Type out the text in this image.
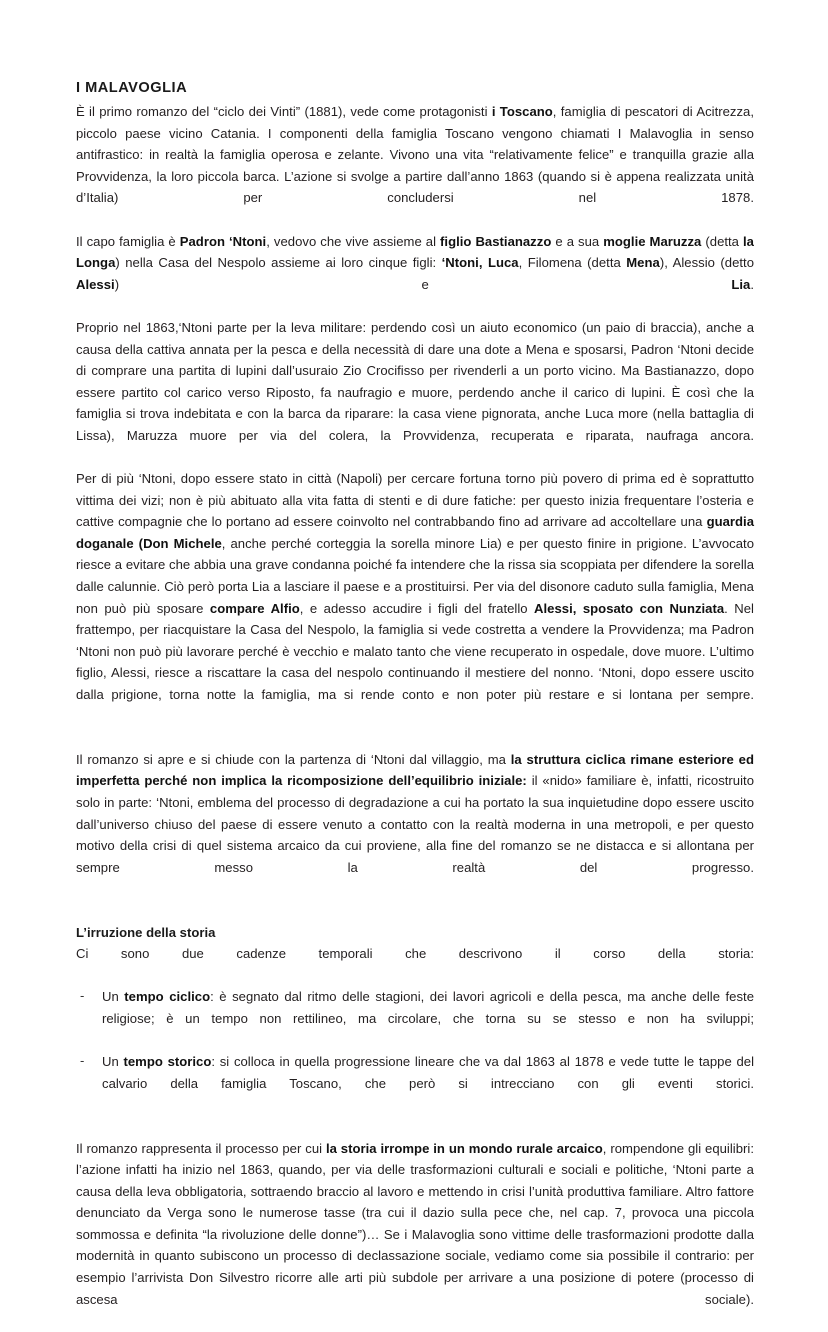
I MALAVOGLIA

È il primo romanzo del “ciclo dei Vinti” (1881), vede come protagonisti i Toscano, famiglia di pescatori di Acitrezza, piccolo paese vicino Catania. I componenti della famiglia Toscano vengono chiamati I Malavoglia in senso antifrastico: in realtà la famiglia operosa e zelante. Vivono una vita “relativamente felice” e tranquilla grazie alla Provvidenza, la loro piccola barca. L’azione si svolge a partire dall’anno 1863 (quando si è appena realizzata unità d’Italia) per concludersi nel 1878.

Il capo famiglia è Padron ‘Ntoni, vedovo che vive assieme al figlio Bastianazzo e a sua moglie Maruzza (detta la Longa) nella Casa del Nespolo assieme ai loro cinque figli: ‘Ntoni, Luca, Filomena (detta Mena), Alessio (detto Alessi) e Lia.

Proprio nel 1863,‘Ntoni parte per la leva militare: perdendo così un aiuto economico (un paio di braccia), anche a causa della cattiva annata per la pesca e della necessità di dare una dote a Mena e sposarsi, Padron ‘Ntoni decide di comprare una partita di lupini dall’usuraio Zio Crocifisso per rivenderli a un porto vicino. Ma Bastianazzo, dopo essere partito col carico verso Riposto, fa naufragio e muore, perdendo anche il carico di lupini. È così che la famiglia si trova indebitata e con la barca da riparare: la casa viene pignorata, anche Luca more (nella battaglia di Lissa), Maruzza muore per via del colera, la Provvidenza, recuperata e riparata, naufraga ancora.

Per di più ‘Ntoni, dopo essere stato in città (Napoli) per cercare fortuna torno più povero di prima ed è soprattutto vittima dei vizi; non è più abituato alla vita fatta di stenti e di dure fatiche: per questo inizia frequentare l’osteria e cattive compagnie che lo portano ad essere coinvolto nel contrabbando fino ad arrivare ad accoltellare una guardia doganale (Don Michele, anche perché corteggia la sorella minore Lia) e per questo finire in prigione. L’avvocato riesce a evitare che abbia una grave condanna poiché fa intendere che la rissa sia scoppiata per difendere la sorella dalle calunnie. Ciò però porta Lia a lasciare il paese e a prostituirsi. Per via del disonore caduto sulla famiglia, Mena non può più sposare compare Alfio, e adesso accudire i figli del fratello Alessi, sposato con Nunziata. Nel frattempo, per riacquistare la Casa del Nespolo, la famiglia si vede costretta a vendere la Provvidenza; ma Padron ‘Ntoni non può più lavorare perché è vecchio e malato tanto che viene recuperato in ospedale, dove muore. L’ultimo figlio, Alessi, riesce a riscattare la casa del nespolo continuando il mestiere del nonno. ‘Ntoni, dopo essere uscito dalla prigione, torna notte la famiglia, ma si rende conto e non poter più restare e si lontana per sempre.

Il romanzo si apre e si chiude con la partenza di ‘Ntoni dal villaggio, ma la struttura ciclica rimane esteriore ed imperfetta perché non implica la ricomposizione dell’equilibrio iniziale: il «nido» familiare è, infatti, ricostruito solo in parte: ‘Ntoni, emblema del processo di degradazione a cui ha portato la sua inquietudine dopo essere uscito dall’universo chiuso del paese di essere venuto a contatto con la realtà moderna in una metropoli, e per questo motivo della crisi di quel sistema arcaico da cui proviene, alla fine del romanzo se ne distacca e si allontana per sempre messo la realtà del progresso.

L’irruzione della storia

Ci sono due cadenze temporali che descrivono il corso della storia:

- Un tempo ciclico: è segnato dal ritmo delle stagioni, dei lavori agricoli e della pesca, ma anche delle feste religiose; è un tempo non rettilineo, ma circolare, che torna su se stesso e non ha sviluppi;
- Un tempo storico: si colloca in quella progressione lineare che va dal 1863 al 1878 e vede tutte le tappe del calvario della famiglia Toscano, che però si intrecciano con gli eventi storici.

Il romanzo rappresenta il processo per cui la storia irrompe in un mondo rurale arcaico, rompendone gli equilibri: l’azione infatti ha inizio nel 1863, quando, per via delle trasformazioni culturali e sociali e politiche, ‘Ntoni parte a causa della leva obbligatoria, sottraendo braccio al lavoro e mettendo in crisi l’unità produttiva familiare. Altro fattore denunciato da Verga sono le numerose tasse (tra cui il dazio sulla pece che, nel cap. 7, provoca una piccola sommossa e definita “la rivoluzione delle donne”)… Se i Malavoglia sono vittime delle trasformazioni prodotte dalla modernità in quanto subiscono un processo di declassazione sociale, vediamo come sia possibile il contrario: per esempio l’arrivista Don Silvestro ricorre alle arti più subdole per arrivare a una posizione di potere (processo di ascesa sociale).
